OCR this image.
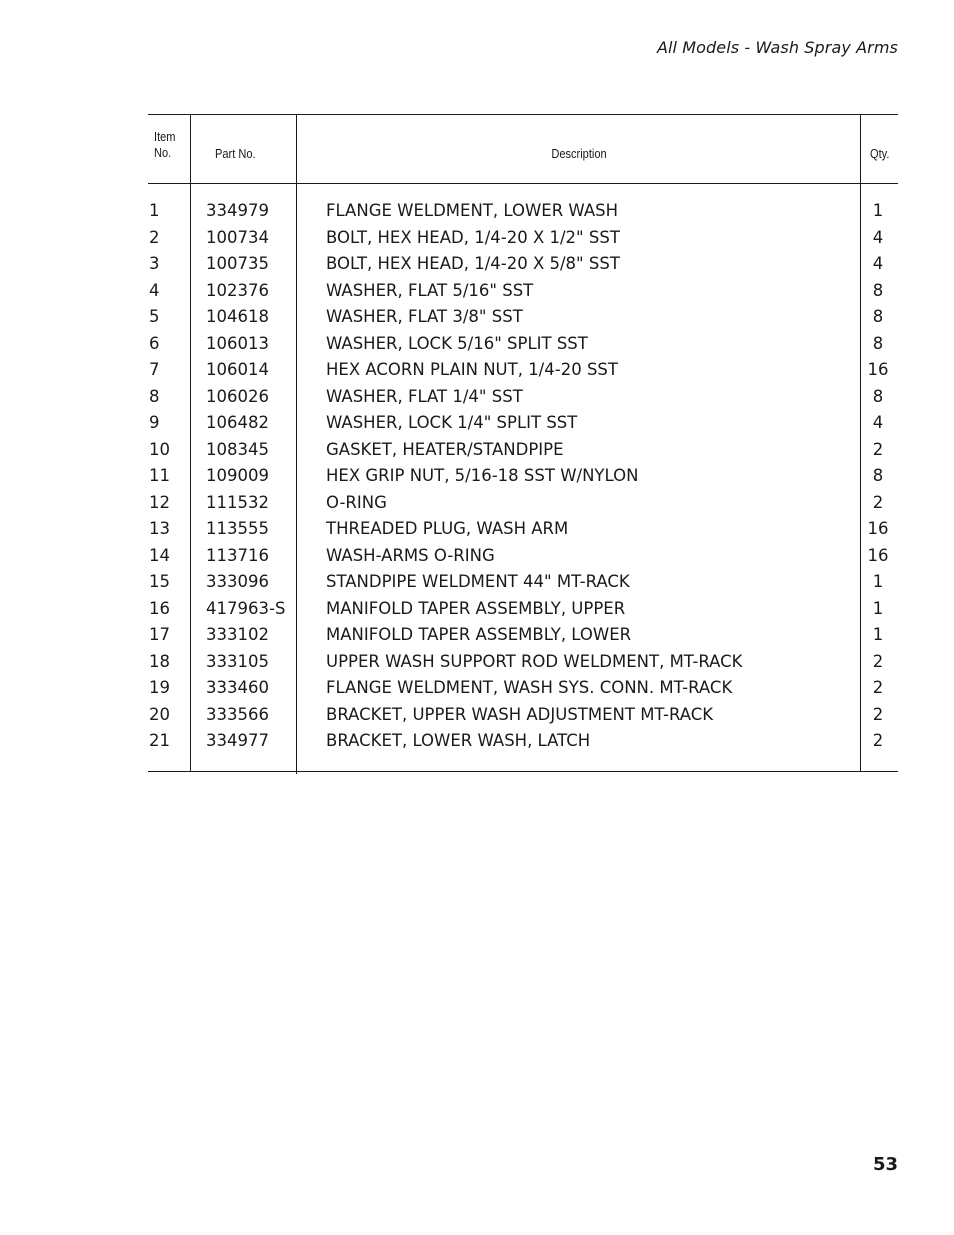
All Models - Wash Spray Arms
Item
No.	Part No.	Description	Qty.
1	334979	FLANGE WELDMENT, LOWER WASH	1
2	100734	BOLT, HEX HEAD, 1/4-20 X 1/2" SST	4
3	100735	BOLT, HEX HEAD, 1/4-20 X 5/8" SST	4
4	102376	WASHER, FLAT 5/16" SST	8
5	104618	WASHER, FLAT 3/8" SST	8
6	106013	WASHER, LOCK 5/16" SPLIT SST	8
7	106014	HEX ACORN PLAIN NUT, 1/4-20 SST	16
8	106026	WASHER, FLAT 1/4" SST	8
9	106482	WASHER, LOCK 1/4" SPLIT SST	4
10 108345	GASKET, HEATER/STANDPIPE	2
11 109009	HEX GRIP NUT, 5/16-18 SST W/NYLON	8
12 111532	O-RING	2
13 113555	THREADED PLUG, WASH ARM	16
14 113716	WASH-ARMS O-RING	16
15 333096	STANDPIPE WELDMENT 44" MT-RACK	1
16 417963-S MANIFOLD TAPER ASSEMBLY, UPPER	1
17 333102	MANIFOLD TAPER ASSEMBLY, LOWER	1
18 333105	UPPER WASH SUPPORT ROD WELDMENT, MT-RACK	2
19 333460	FLANGE WELDMENT, WASH SYS. CONN. MT-RACK	2
20 333566	BRACKET, UPPER WASH ADJUSTMENT MT-RACK	2
21 334977	BRACKET, LOWER WASH, LATCH	2
53
